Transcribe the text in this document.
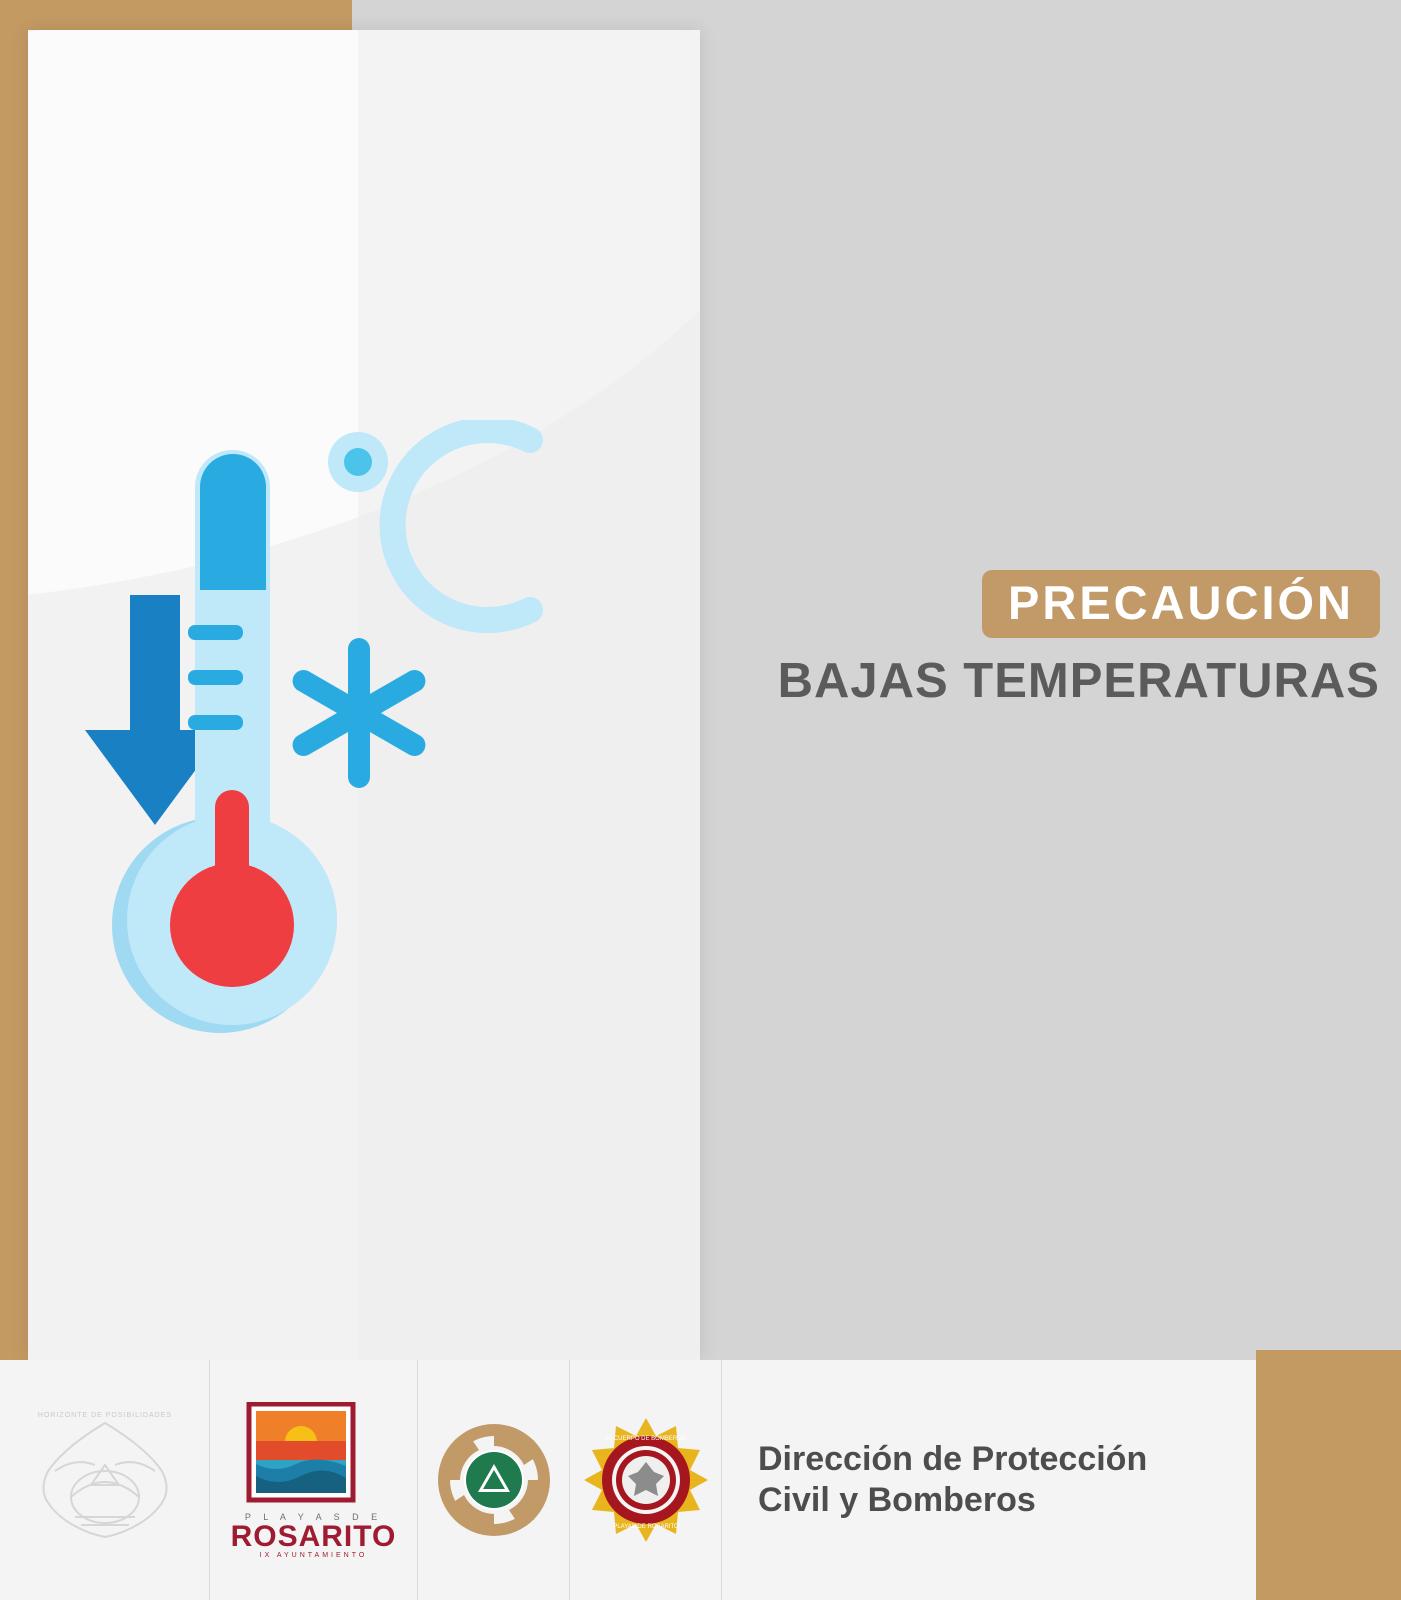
PRECAUCIÓN
BAJAS TEMPERATURAS
HORIZONTE DE POSIBILIDADES
P L A Y A S D E
ROSARITO
IX AYUNTAMIENTO
H. CUERPO DE BOMBEROS
PLAYAS DE ROSARITO
Dirección de Protección
Civil y Bomberos
